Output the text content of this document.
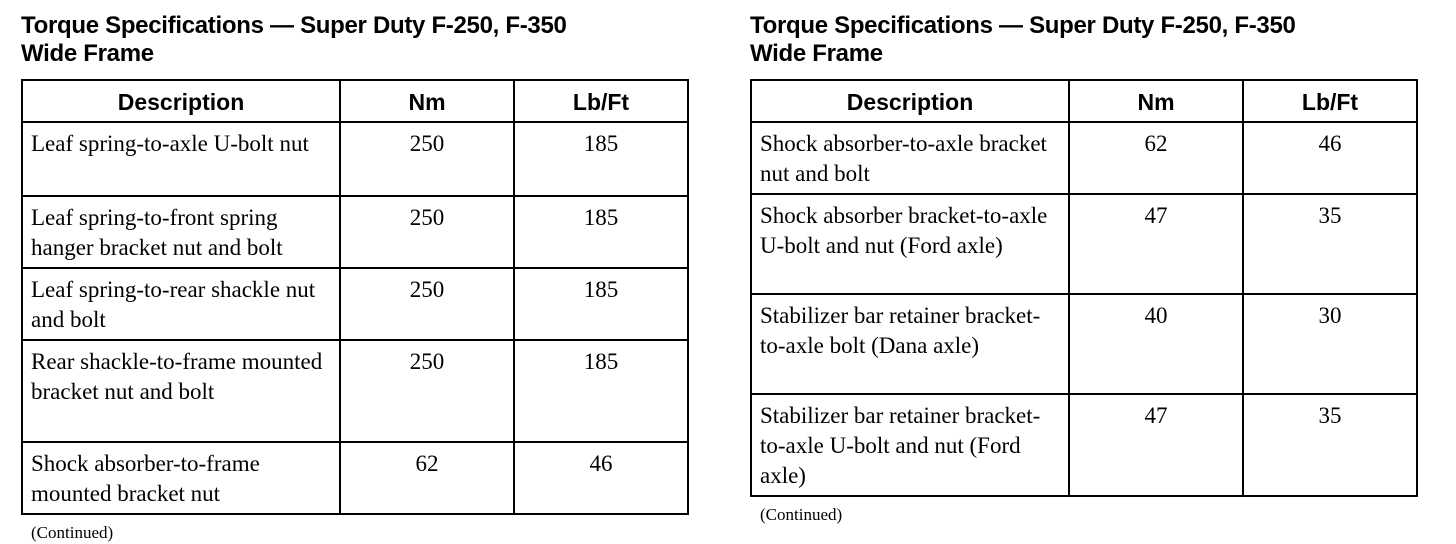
Torque Specifications — Super Duty F-250, F-350
Wide Frame
Description	Nm	Lb/Ft
Leaf spring-to-axle U-bolt nut	250	185
Leaf spring-to-front spring hanger bracket nut and bolt	250	185
Leaf spring-to-rear shackle nut and bolt	250	185
Rear shackle-to-frame mounted bracket nut and bolt	250	185
Shock absorber-to-frame mounted bracket nut	62	46
(Continued)
Torque Specifications — Super Duty F-250, F-350
Wide Frame
Description	Nm	Lb/Ft
Shock absorber-to-axle bracket nut and bolt	62	46
Shock absorber bracket-to-axle U-bolt and nut (Ford axle)	47	35
Stabilizer bar retainer bracket-to-axle bolt (Dana axle)	40	30
Stabilizer bar retainer bracket-to-axle U-bolt and nut (Ford axle)	47	35
(Continued)
